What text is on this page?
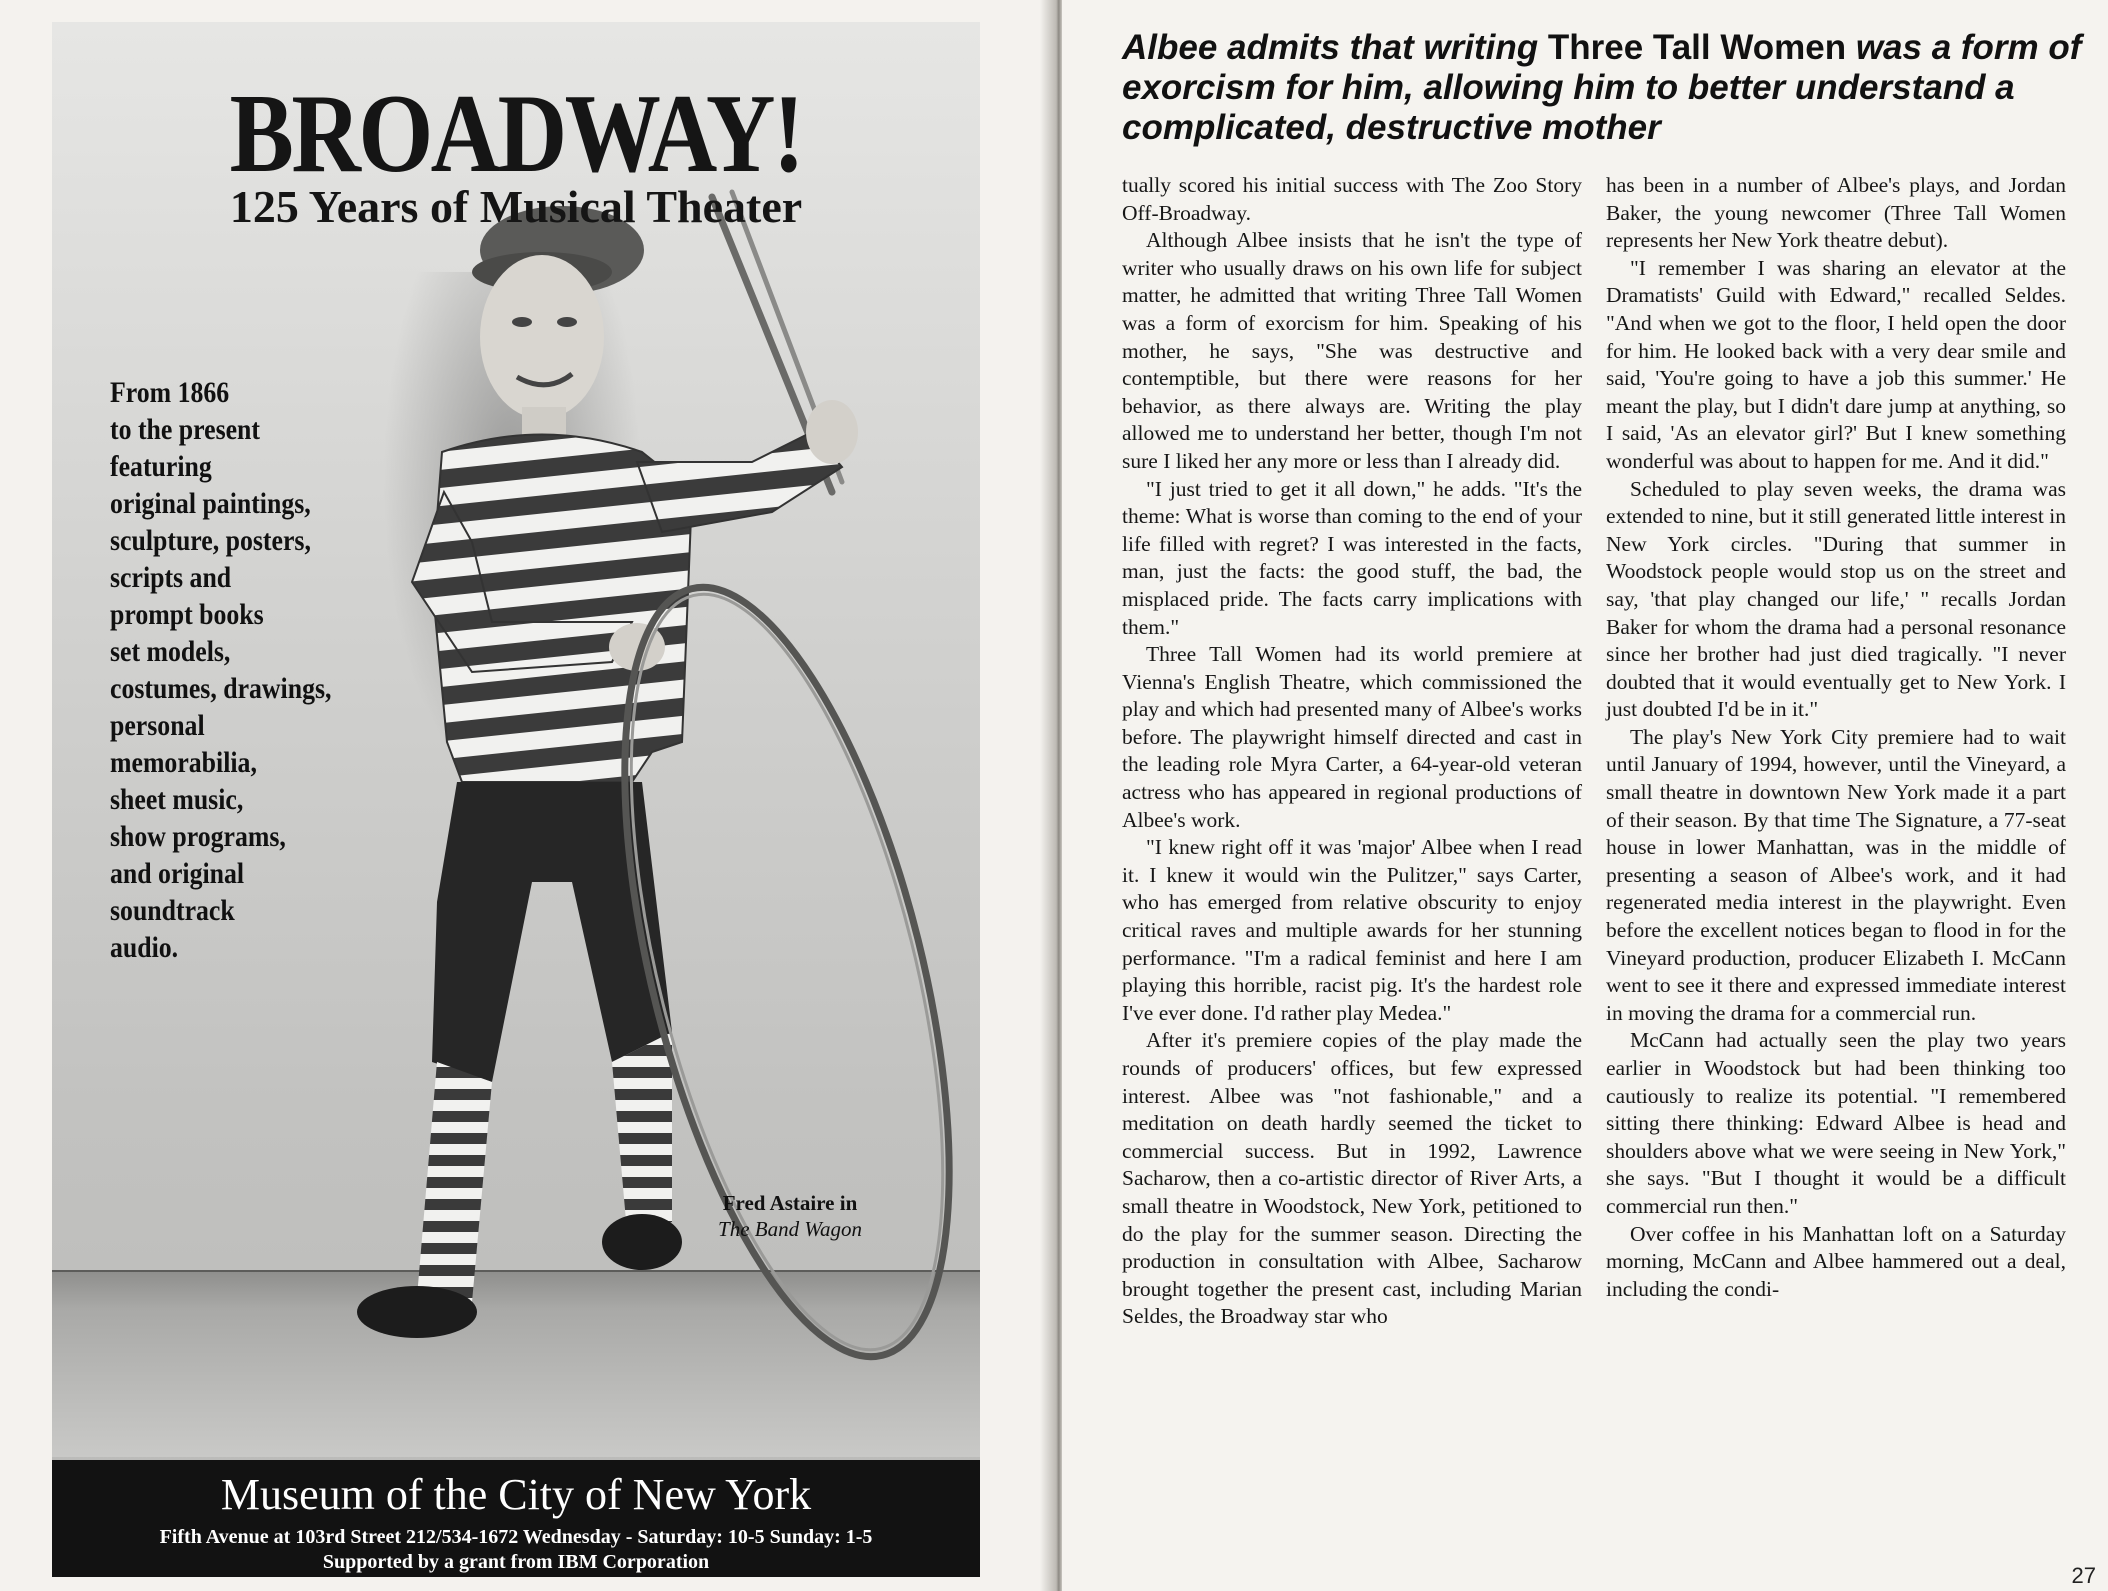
BROADWAY!
125 Years of Musical Theater
From 1866
to the present
featuring
original paintings,
sculpture, posters,
scripts and
prompt books
set models,
costumes, drawings,
personal
memorabilia,
sheet music,
show programs,
and original
soundtrack
audio.
Fred Astaire in
The Band Wagon
Museum of the City of New York
Fifth Avenue at 103rd Street 212/534-1672 Wednesday - Saturday: 10-5 Sunday: 1-5
Supported by a grant from IBM Corporation
Albee admits that writing Three Tall Women was a form of exorcism for him, allowing him to better understand a complicated, destructive mother

tually scored his initial success with The Zoo Story Off-Broadway.

Although Albee insists that he isn't the type of writer who usually draws on his own life for subject matter, he admitted that writing Three Tall Women was a form of exorcism for him. Speaking of his mother, he says, "She was destructive and contemptible, but there were reasons for her behavior, as there always are. Writing the play allowed me to understand her better, though I'm not sure I liked her any more or less than I already did.

"I just tried to get it all down," he adds. "It's the theme: What is worse than coming to the end of your life filled with regret? I was interested in the facts, man, just the facts: the good stuff, the bad, the misplaced pride. The facts carry implications with them."

Three Tall Women had its world premiere at Vienna's English Theatre, which commissioned the play and which had presented many of Albee's works before. The playwright himself directed and cast in the leading role Myra Carter, a 64-year-old veteran actress who has appeared in regional productions of Albee's work.

"I knew right off it was 'major' Albee when I read it. I knew it would win the Pulitzer," says Carter, who has emerged from relative obscurity to enjoy critical raves and multiple awards for her stunning performance. "I'm a radical feminist and here I am playing this horrible, racist pig. It's the hardest role I've ever done. I'd rather play Medea."

After it's premiere copies of the play made the rounds of producers' offices, but few expressed interest. Albee was "not fashionable," and a meditation on death hardly seemed the ticket to commercial success. But in 1992, Lawrence Sacharow, then a co-artistic director of River Arts, a small theatre in Woodstock, New York, petitioned to do the play for the summer season. Directing the production in consultation with Albee, Sacharow brought together the present cast, including Marian Seldes, the Broadway star who

has been in a number of Albee's plays, and Jordan Baker, the young newcomer (Three Tall Women represents her New York theatre debut).

"I remember I was sharing an elevator at the Dramatists' Guild with Edward," recalled Seldes. "And when we got to the floor, I held open the door for him. He looked back with a very dear smile and said, 'You're going to have a job this summer.' He meant the play, but I didn't dare jump at anything, so I said, 'As an elevator girl?' But I knew something wonderful was about to happen for me. And it did."

Scheduled to play seven weeks, the drama was extended to nine, but it still generated little interest in New York circles. "During that summer in Woodstock people would stop us on the street and say, 'that play changed our life,' " recalls Jordan Baker for whom the drama had a personal resonance since her brother had just died tragically. "I never doubted that it would eventually get to New York. I just doubted I'd be in it."

The play's New York City premiere had to wait until January of 1994, however, until the Vineyard, a small theatre in downtown New York made it a part of their season. By that time The Signature, a 77-seat house in lower Manhattan, was in the middle of presenting a season of Albee's work, and it had regenerated media interest in the playwright. Even before the excellent notices began to flood in for the Vineyard production, producer Elizabeth I. McCann went to see it there and expressed immediate interest in moving the drama for a commercial run.

McCann had actually seen the play two years earlier in Woodstock but had been thinking too cautiously to realize its potential. "I remembered sitting there thinking: Edward Albee is head and shoulders above what we were seeing in New York," she says. "But I thought it would be a difficult commercial run then."

Over coffee in his Manhattan loft on a Saturday morning, McCann and Albee hammered out a deal, including the condi-

27
